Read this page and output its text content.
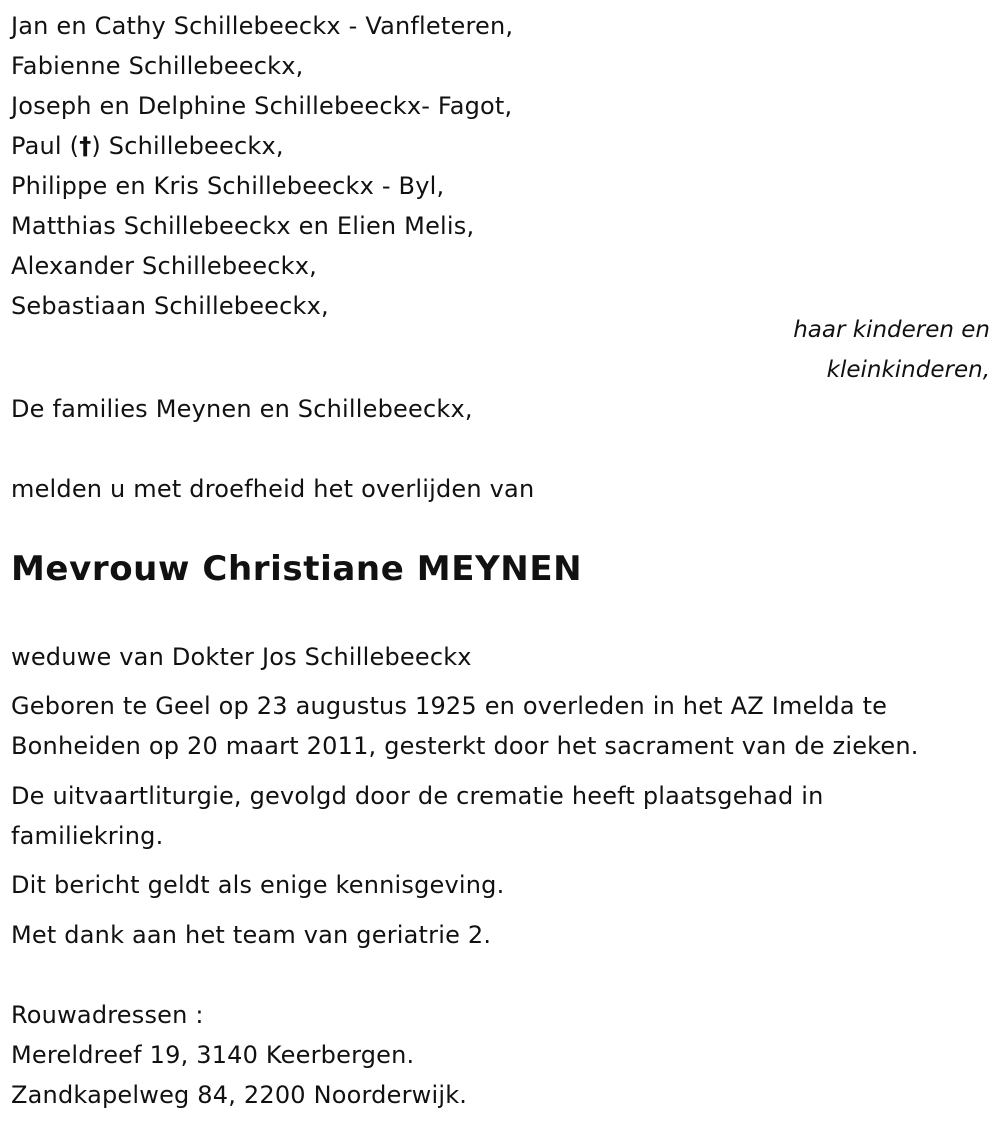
Jan en Cathy Schillebeeckx - Vanfleteren,
Fabienne Schillebeeckx,
Joseph en Delphine Schillebeeckx- Fagot,
Paul (†) Schillebeeckx,
Philippe en Kris Schillebeeckx - Byl,
Matthias Schillebeeckx en Elien Melis,
Alexander Schillebeeckx,
Sebastiaan Schillebeeckx,
haar kinderen en
kleinkinderen,
De families Meynen en Schillebeeckx,
melden u met droefheid het overlijden van
Mevrouw Christiane MEYNEN
weduwe van Dokter Jos Schillebeeckx
Geboren te Geel op 23 augustus 1925 en overleden in het AZ Imelda te
Bonheiden op 20 maart 2011, gesterkt door het sacrament van de zieken.
De uitvaartliturgie, gevolgd door de crematie heeft plaatsgehad in
familiekring.
Dit bericht geldt als enige kennisgeving.
Met dank aan het team van geriatrie 2.
Rouwadressen :
Mereldreef 19, 3140 Keerbergen.
Zandkapelweg 84, 2200 Noorderwijk.
